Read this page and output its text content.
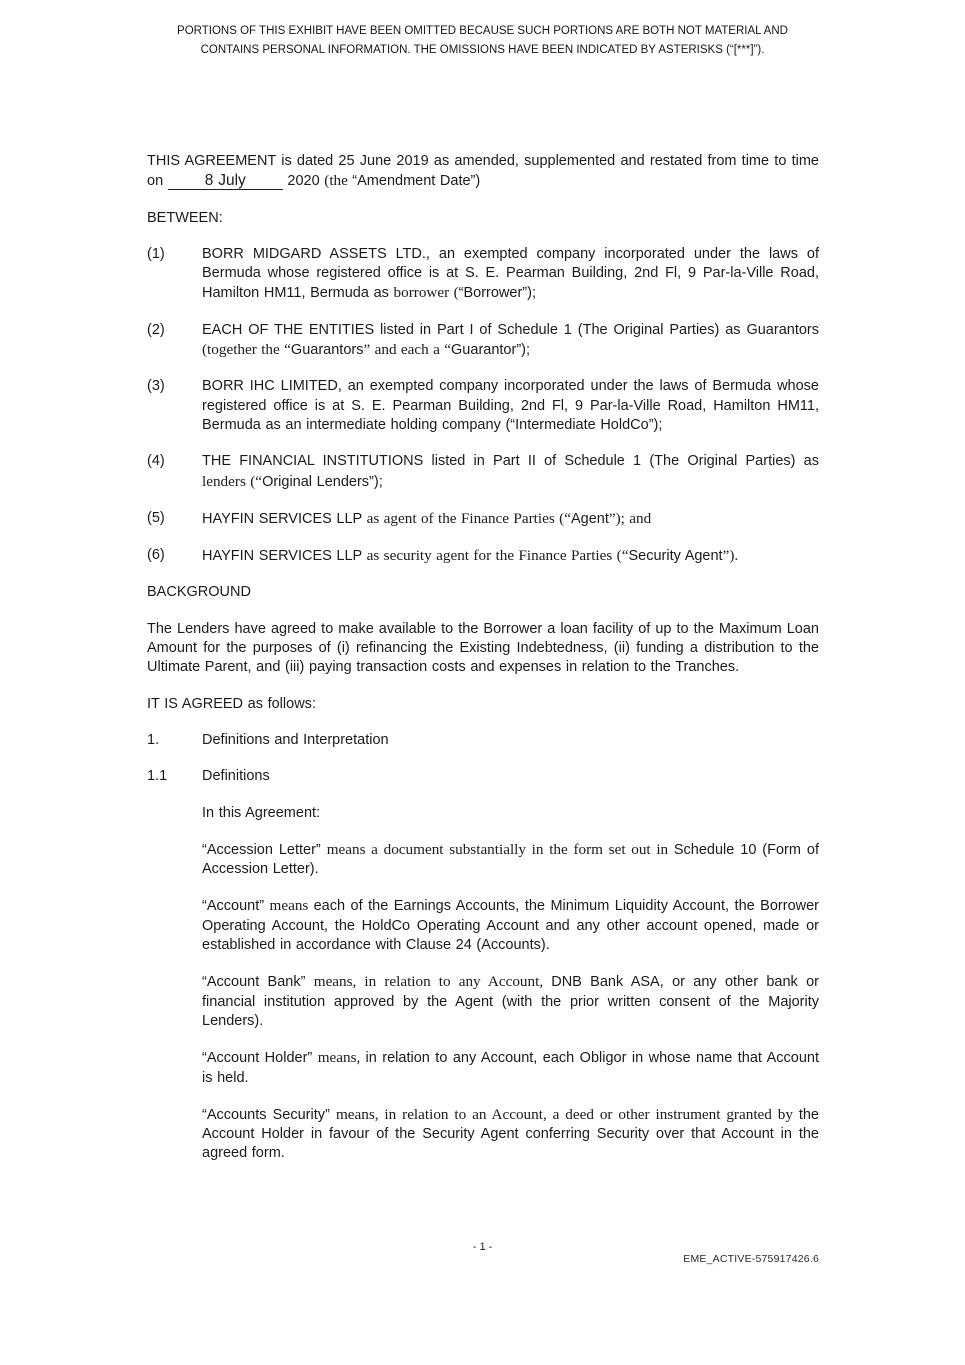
PORTIONS OF THIS EXHIBIT HAVE BEEN OMITTED BECAUSE SUCH PORTIONS ARE BOTH NOT MATERIAL AND
CONTAINS PERSONAL INFORMATION. THE OMISSIONS HAVE BEEN INDICATED BY ASTERISKS (“[***]”).
THIS AGREEMENT is dated 25 June 2019 as amended, supplemented and restated from time to time on 8 July	2020 (the “Amendment Date”)
BETWEEN:
(1)	BORR MIDGARD ASSETS LTD., an exempted company incorporated under the laws of Bermuda whose registered office is at S. E. Pearman Building, 2nd Fl, 9 Par-la-Ville Road, Hamilton HM11, Bermuda as borrower (“Borrower”);
(2)	EACH OF THE ENTITIES listed in Part I of Schedule 1 (The Original Parties) as Guarantors (together the “Guarantors” and each a “Guarantor”);
(3)	BORR IHC LIMITED, an exempted company incorporated under the laws of Bermuda whose registered office is at S. E. Pearman Building, 2nd Fl, 9 Par-la-Ville Road, Hamilton HM11, Bermuda as an intermediate holding company (“Intermediate HoldCo”);
(4)	THE FINANCIAL INSTITUTIONS listed in Part II of Schedule 1 (The Original Parties) as lenders (“Original Lenders”);
(5)	HAYFIN SERVICES LLP as agent of the Finance Parties (“Agent”); and
(6)	HAYFIN SERVICES LLP as security agent for the Finance Parties (“Security Agent”).
BACKGROUND
The Lenders have agreed to make available to the Borrower a loan facility of up to the Maximum Loan Amount for the purposes of (i) refinancing the Existing Indebtedness, (ii) funding a distribution to the Ultimate Parent, and (iii) paying transaction costs and expenses in relation to the Tranches.
IT IS AGREED as follows:
1.	Definitions and Interpretation
1.1	Definitions
In this Agreement:
“Accession Letter” means a document substantially in the form set out in Schedule 10 (Form of Accession Letter).
“Account” means each of the Earnings Accounts, the Minimum Liquidity Account, the Borrower Operating Account, the HoldCo Operating Account and any other account opened, made or established in accordance with Clause 24 (Accounts).
“Account Bank” means, in relation to any Account, DNB Bank ASA, or any other bank or financial institution approved by the Agent (with the prior written consent of the Majority Lenders).
“Account Holder” means, in relation to any Account, each Obligor in whose name that Account is held.
“Accounts Security” means, in relation to an Account, a deed or other instrument granted by the Account Holder in favour of the Security Agent conferring Security over that Account in the agreed form.
- 1 -
EME_ACTIVE-575917426.6
